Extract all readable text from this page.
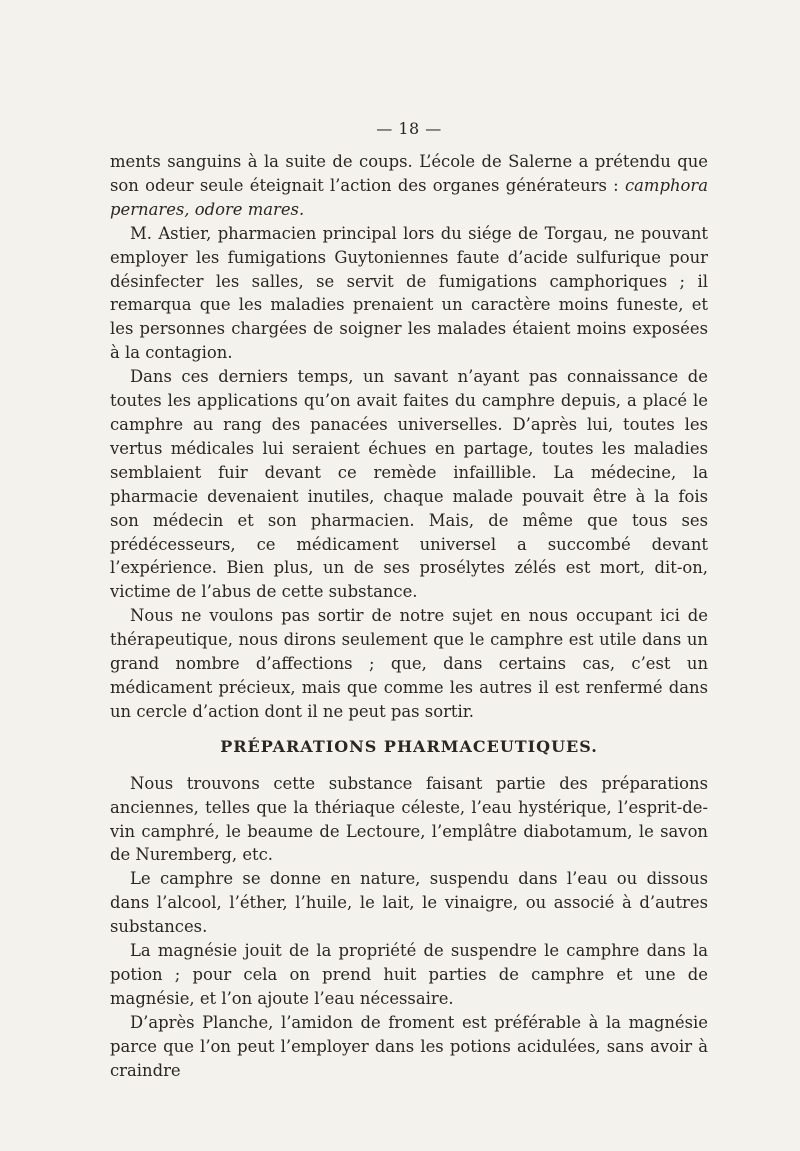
— 18 —

ments sanguins à la suite de coups. L’école de Salerne a prétendu que son odeur seule éteignait l’action des organes générateurs : camphora pernares, odore mares.

M. Astier, pharmacien principal lors du siége de Torgau, ne pouvant employer les fumigations Guytoniennes faute d’acide sulfurique pour désinfecter les salles, se servit de fumigations camphoriques ; il remarqua que les maladies prenaient un caractère moins funeste, et les personnes chargées de soigner les malades étaient moins exposées à la contagion.

Dans ces derniers temps, un savant n’ayant pas connaissance de toutes les applications qu’on avait faites du camphre depuis, a placé le camphre au rang des panacées universelles. D’après lui, toutes les vertus médicales lui seraient échues en partage, toutes les maladies semblaient fuir devant ce remède infaillible. La médecine, la pharmacie devenaient inutiles, chaque malade pouvait être à la fois son médecin et son pharmacien. Mais, de même que tous ses prédécesseurs, ce médicament universel a succombé devant l’expérience. Bien plus, un de ses prosélytes zélés est mort, dit-on, victime de l’abus de cette substance.

Nous ne voulons pas sortir de notre sujet en nous occupant ici de thérapeutique, nous dirons seulement que le camphre est utile dans un grand nombre d’affections ; que, dans certains cas, c’est un médicament précieux, mais que comme les autres il est renfermé dans un cercle d’action dont il ne peut pas sortir.

PRÉPARATIONS PHARMACEUTIQUES.

Nous trouvons cette substance faisant partie des préparations anciennes, telles que la thériaque céleste, l’eau hystérique, l’esprit-de-vin camphré, le beaume de Lectoure, l’emplâtre diabotamum, le savon de Nuremberg, etc.

Le camphre se donne en nature, suspendu dans l’eau ou dissous dans l’alcool, l’éther, l’huile, le lait, le vinaigre, ou associé à d’autres substances.

La magnésie jouit de la propriété de suspendre le camphre dans la potion ; pour cela on prend huit parties de camphre et une de magnésie, et l’on ajoute l’eau nécessaire.

D’après Planche, l’amidon de froment est préférable à la magnésie parce que l’on peut l’employer dans les potions acidulées, sans avoir à craindre
